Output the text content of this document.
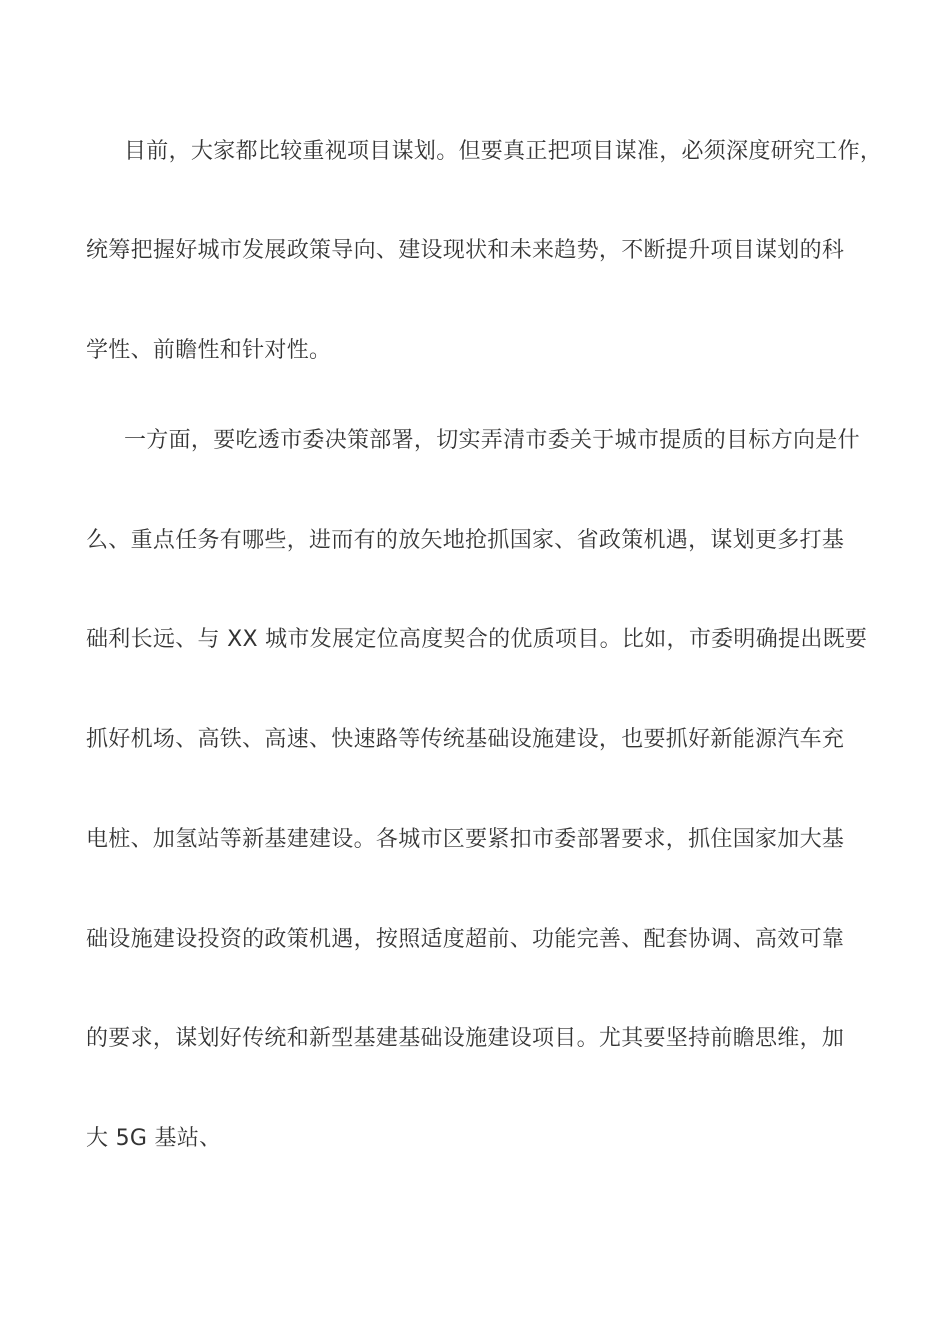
目前，大家都比较重视项目谋划。但要真正把项目谋准，必须深度研究工作，
统筹把握好城市发展政策导向、建设现状和未来趋势，不断提升项目谋划的科
学性、前瞻性和针对性。
一方面，要吃透市委决策部署，切实弄清市委关于城市提质的目标方向是什
么、重点任务有哪些，进而有的放矢地抢抓国家、省政策机遇，谋划更多打基
础利长远、与 XX 城市发展定位高度契合的优质项目。比如，市委明确提出既要
抓好机场、高铁、高速、快速路等传统基础设施建设，也要抓好新能源汽车充
电桩、加氢站等新基建建设。各城市区要紧扣市委部署要求，抓住国家加大基
础设施建设投资的政策机遇，按照适度超前、功能完善、配套协调、高效可靠
的要求，谋划好传统和新型基建基础设施建设项目。尤其要坚持前瞻思维，加
大 5G 基站、
